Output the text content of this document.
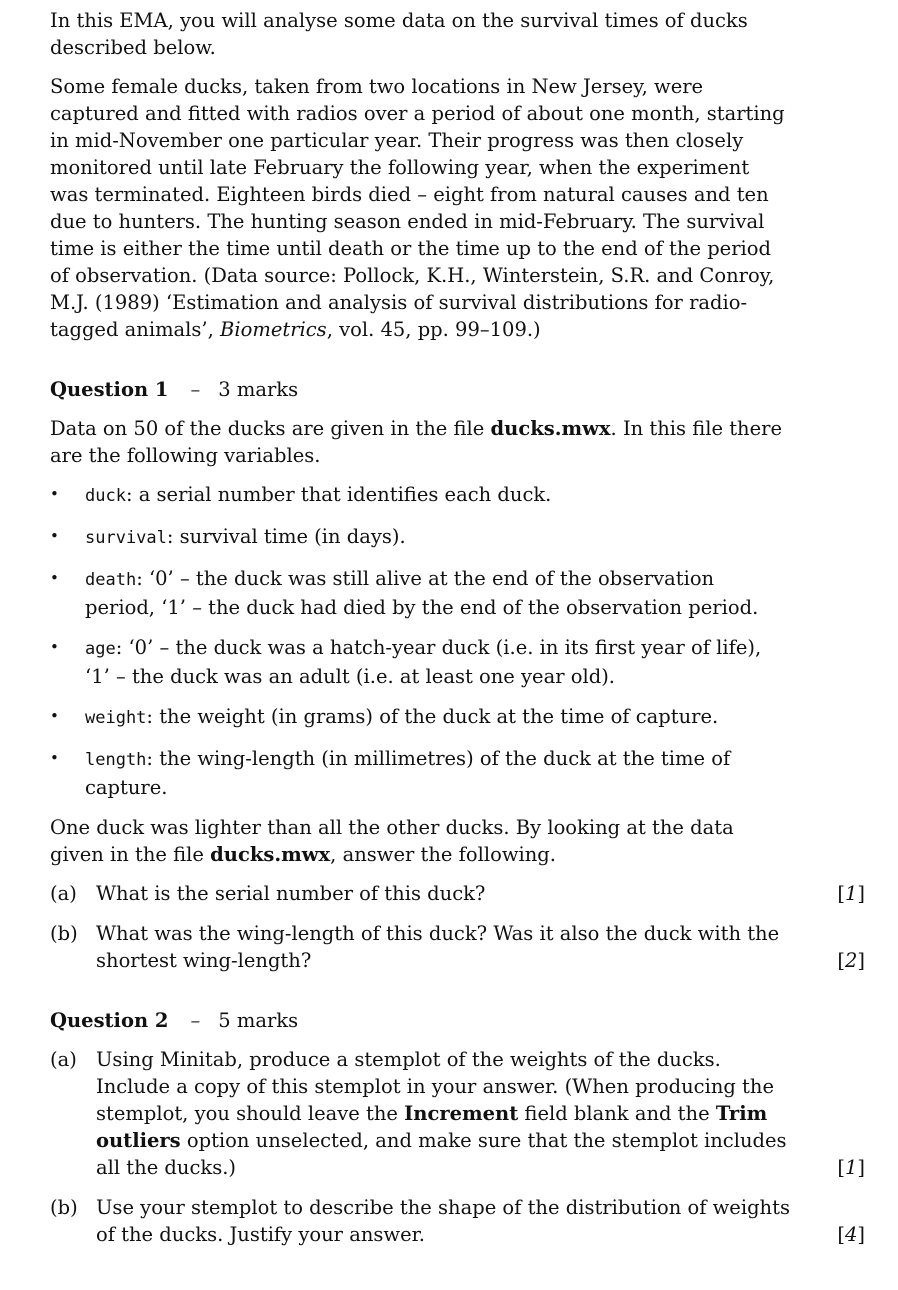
In this EMA, you will analyse some data on the survival times of ducks described below.

Some female ducks, taken from two locations in New Jersey, were captured and fitted with radios over a period of about one month, starting in mid-November one particular year. Their progress was then closely monitored until late February the following year, when the experiment was terminated. Eighteen birds died – eight from natural causes and ten due to hunters. The hunting season ended in mid-February. The survival time is either the time until death or the time up to the end of the period of observation. (Data source: Pollock, K.H., Winterstein, S.R. and Conroy, M.J. (1989) ‘Estimation and analysis of survival distributions for radio-tagged animals’, Biometrics, vol. 45, pp. 99–109.)

Question 1 – 3 marks

Data on 50 of the ducks are given in the file ducks.mwx. In this file there are the following variables.

• duck: a serial number that identifies each duck.
• survival: survival time (in days).
• death: ‘0’ – the duck was still alive at the end of the observation period, ‘1’ – the duck had died by the end of the observation period.
• age: ‘0’ – the duck was a hatch-year duck (i.e. in its first year of life), ‘1’ – the duck was an adult (i.e. at least one year old).
• weight: the weight (in grams) of the duck at the time of capture.
• length: the wing-length (in millimetres) of the duck at the time of capture.

One duck was lighter than all the other ducks. By looking at the data given in the file ducks.mwx, answer the following.

(a) What is the serial number of this duck?	[1]
(b) What was the wing-length of this duck? Was it also the duck with the shortest wing-length?	[2]
Question 2 – 5 marks
(a) Using Minitab, produce a stemplot of the weights of the ducks. Include a copy of this stemplot in your answer. (When producing the stemplot, you should leave the Increment field blank and the Trim outliers option unselected, and make sure that the stemplot includes all the ducks.)	[1]
(b) Use your stemplot to describe the shape of the distribution of weights of the ducks. Justify your answer.	[4]
